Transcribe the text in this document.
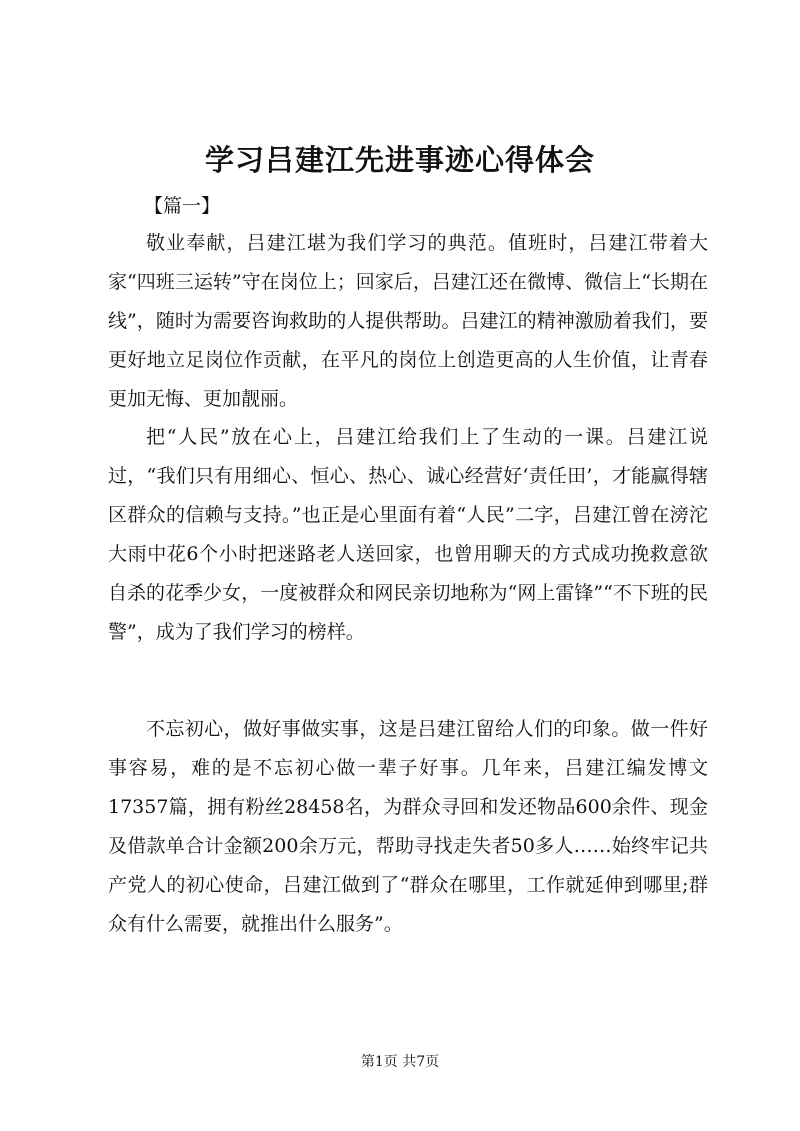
学习吕建江先进事迹心得体会
【篇一】

敬业奉献，吕建江堪为我们学习的典范。值班时，吕建江带着大家“四班三运转”守在岗位上；回家后，吕建江还在微博、微信上“长期在线”，随时为需要咨询救助的人提供帮助。吕建江的精神激励着我们，要更好地立足岗位作贡献，在平凡的岗位上创造更高的人生价值，让青春更加无悔、更加靓丽。

把“人民”放在心上，吕建江给我们上了生动的一课。吕建江说过，“我们只有用细心、恒心、热心、诚心经营好‘责任田’，才能赢得辖区群众的信赖与支持。”也正是心里面有着“人民”二字，吕建江曾在滂沱大雨中花6个小时把迷路老人送回家，也曾用聊天的方式成功挽救意欲自杀的花季少女，一度被群众和网民亲切地称为“网上雷锋”“不下班的民警”，成为了我们学习的榜样。

不忘初心，做好事做实事，这是吕建江留给人们的印象。做一件好事容易，难的是不忘初心做一辈子好事。几年来，吕建江编发博文17357篇，拥有粉丝28458名，为群众寻回和发还物品600余件、现金及借款单合计金额200余万元，帮助寻找走失者50多人……始终牢记共产党人的初心使命，吕建江做到了“群众在哪里，工作就延伸到哪里;群众有什么需要，就推出什么服务”。

第1页 共7页
